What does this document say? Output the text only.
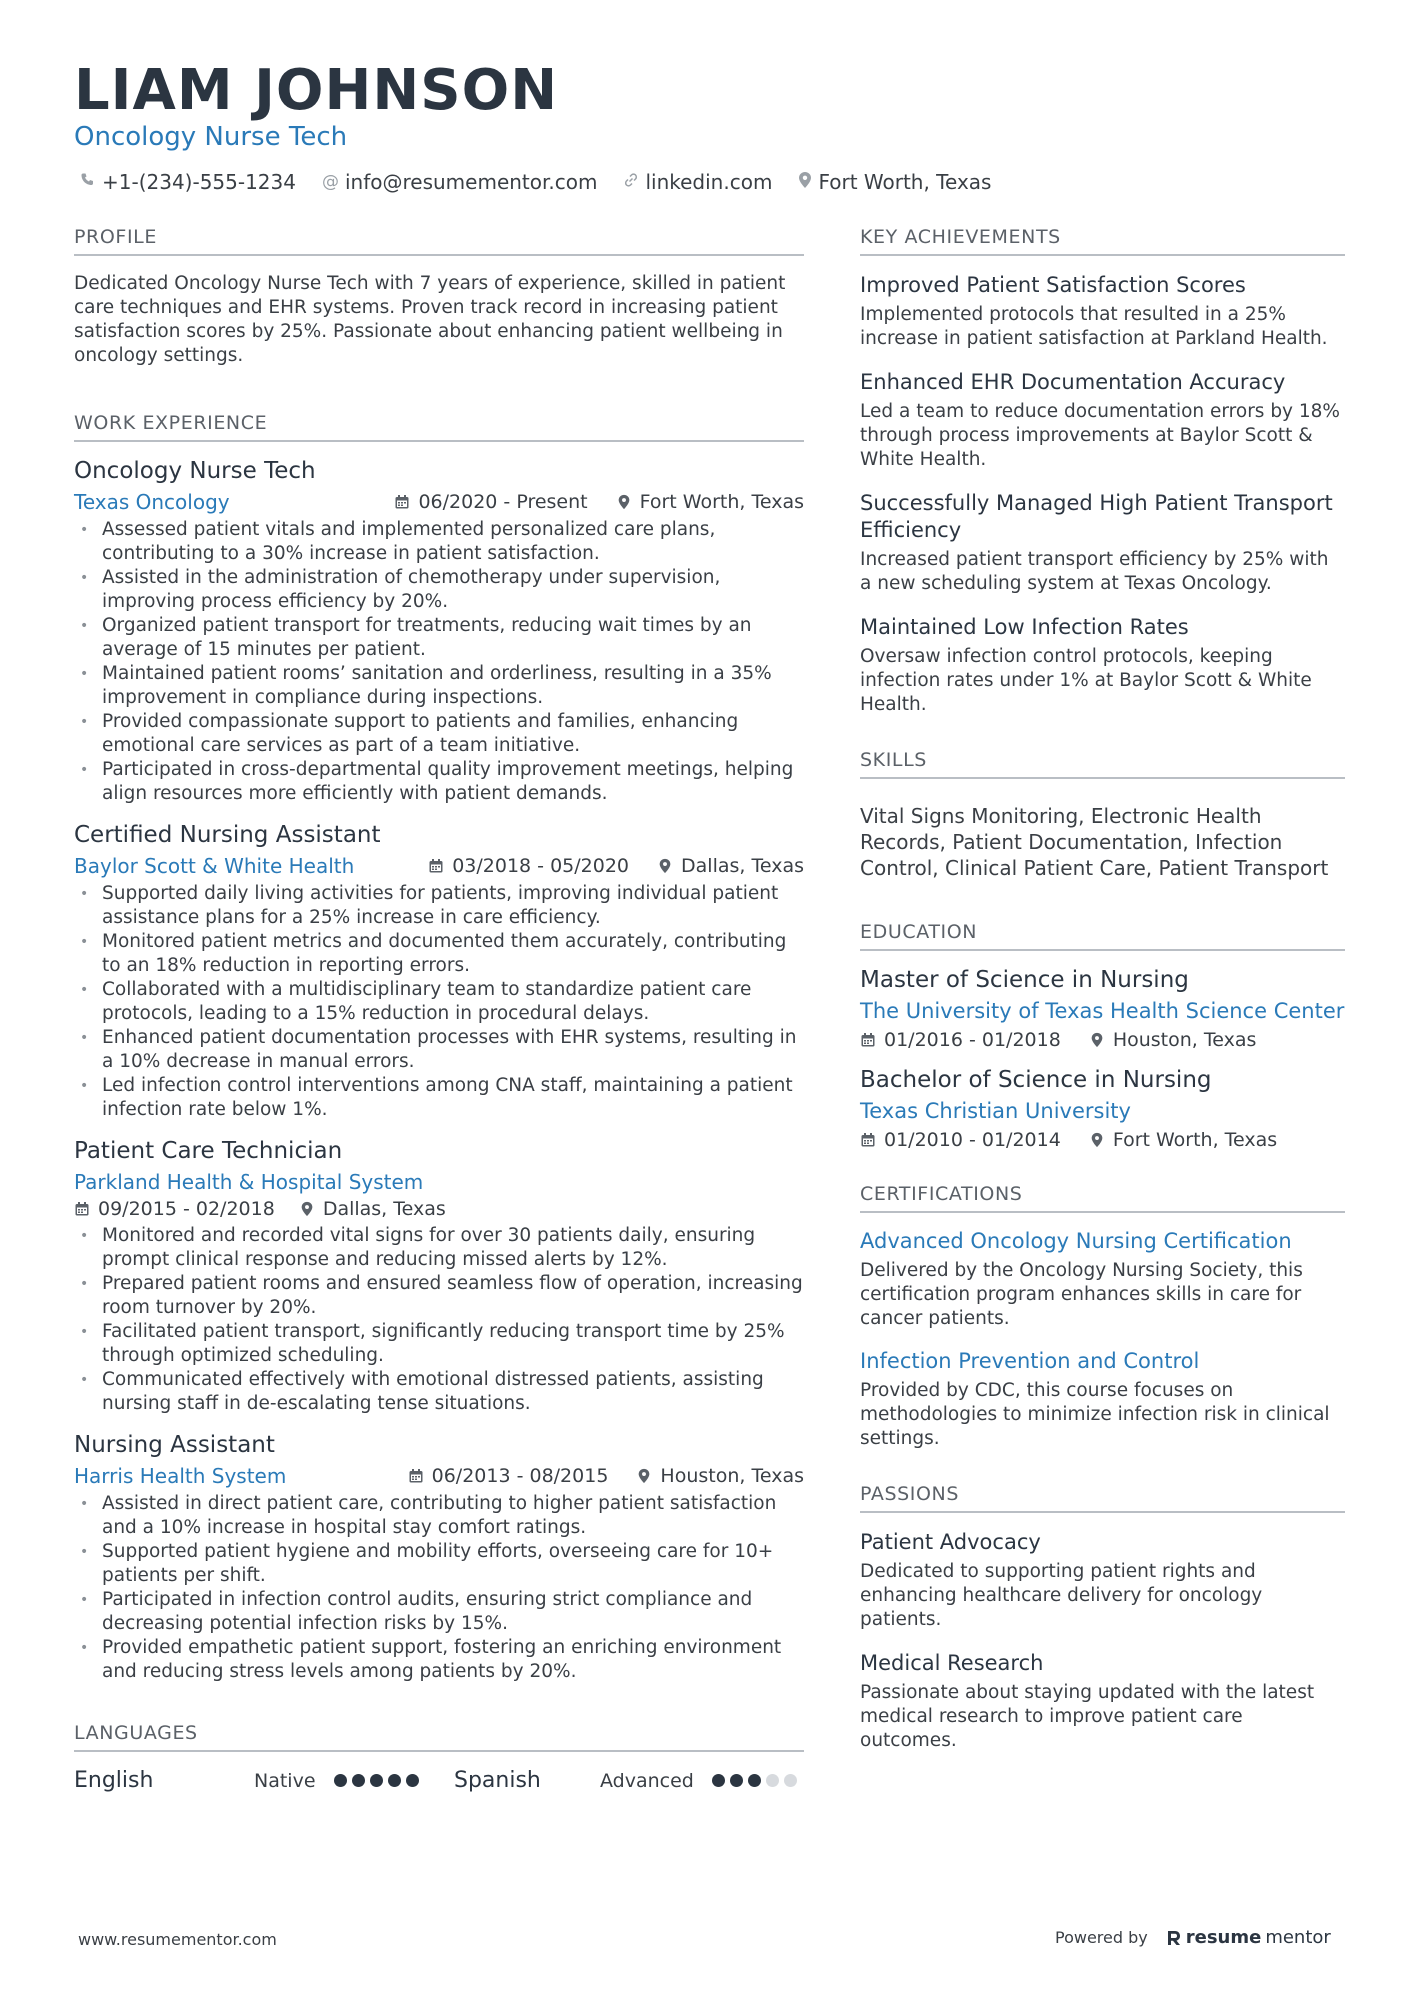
LIAM JOHNSON
Oncology Nurse Tech
+1-(234)-555-1234 @ info@resumementor.com linkedin.com Fort Worth, Texas
PROFILE
Dedicated Oncology Nurse Tech with 7 years of experience, skilled in patient care techniques and EHR systems. Proven track record in increasing patient satisfaction scores by 25%. Passionate about enhancing patient wellbeing in oncology settings.
WORK EXPERIENCE
Oncology Nurse Tech
Texas Oncology	06/2020 - Present	Fort Worth, Texas
• Assessed patient vitals and implemented personalized care plans, contributing to a 30% increase in patient satisfaction.
• Assisted in the administration of chemotherapy under supervision, improving process efficiency by 20%.
• Organized patient transport for treatments, reducing wait times by an average of 15 minutes per patient.
• Maintained patient rooms’ sanitation and orderliness, resulting in a 35% improvement in compliance during inspections.
• Provided compassionate support to patients and families, enhancing emotional care services as part of a team initiative.
• Participated in cross-departmental quality improvement meetings, helping align resources more efficiently with patient demands.
Certified Nursing Assistant
Baylor Scott & White Health	03/2018 - 05/2020	Dallas, Texas
• Supported daily living activities for patients, improving individual patient assistance plans for a 25% increase in care efficiency.
• Monitored patient metrics and documented them accurately, contributing to an 18% reduction in reporting errors.
• Collaborated with a multidisciplinary team to standardize patient care protocols, leading to a 15% reduction in procedural delays.
• Enhanced patient documentation processes with EHR systems, resulting in a 10% decrease in manual errors.
• Led infection control interventions among CNA staff, maintaining a patient infection rate below 1%.
Patient Care Technician
Parkland Health & Hospital System
09/2015 - 02/2018	Dallas, Texas
• Monitored and recorded vital signs for over 30 patients daily, ensuring prompt clinical response and reducing missed alerts by 12%.
• Prepared patient rooms and ensured seamless flow of operation, increasing room turnover by 20%.
• Facilitated patient transport, significantly reducing transport time by 25% through optimized scheduling.
• Communicated effectively with emotional distressed patients, assisting nursing staff in de-escalating tense situations.
Nursing Assistant
Harris Health System	06/2013 - 08/2015	Houston, Texas
• Assisted in direct patient care, contributing to higher patient satisfaction and a 10% increase in hospital stay comfort ratings.
• Supported patient hygiene and mobility efforts, overseeing care for 10+ patients per shift.
• Participated in infection control audits, ensuring strict compliance and decreasing potential infection risks by 15%.
• Provided empathetic patient support, fostering an enriching environment and reducing stress levels among patients by 20%.
LANGUAGES
English	Native	Spanish	Advanced
KEY ACHIEVEMENTS
Improved Patient Satisfaction Scores
Implemented protocols that resulted in a 25% increase in patient satisfaction at Parkland Health.
Enhanced EHR Documentation Accuracy
Led a team to reduce documentation errors by 18% through process improvements at Baylor Scott & White Health.
Successfully Managed High Patient Transport Efficiency
Increased patient transport efficiency by 25% with a new scheduling system at Texas Oncology.
Maintained Low Infection Rates
Oversaw infection control protocols, keeping infection rates under 1% at Baylor Scott & White Health.
SKILLS
Vital Signs Monitoring, Electronic Health Records, Patient Documentation, Infection Control, Clinical Patient Care, Patient Transport
EDUCATION
Master of Science in Nursing
The University of Texas Health Science Center
01/2016 - 01/2018	Houston, Texas
Bachelor of Science in Nursing
Texas Christian University
01/2010 - 01/2014	Fort Worth, Texas
CERTIFICATIONS
Advanced Oncology Nursing Certification
Delivered by the Oncology Nursing Society, this certification program enhances skills in care for cancer patients.
Infection Prevention and Control
Provided by CDC, this course focuses on methodologies to minimize infection risk in clinical settings.
PASSIONS
Patient Advocacy
Dedicated to supporting patient rights and enhancing healthcare delivery for oncology patients.
Medical Research
Passionate about staying updated with the latest medical research to improve patient care outcomes.
www.resumementor.com	Powered by resume mentor
